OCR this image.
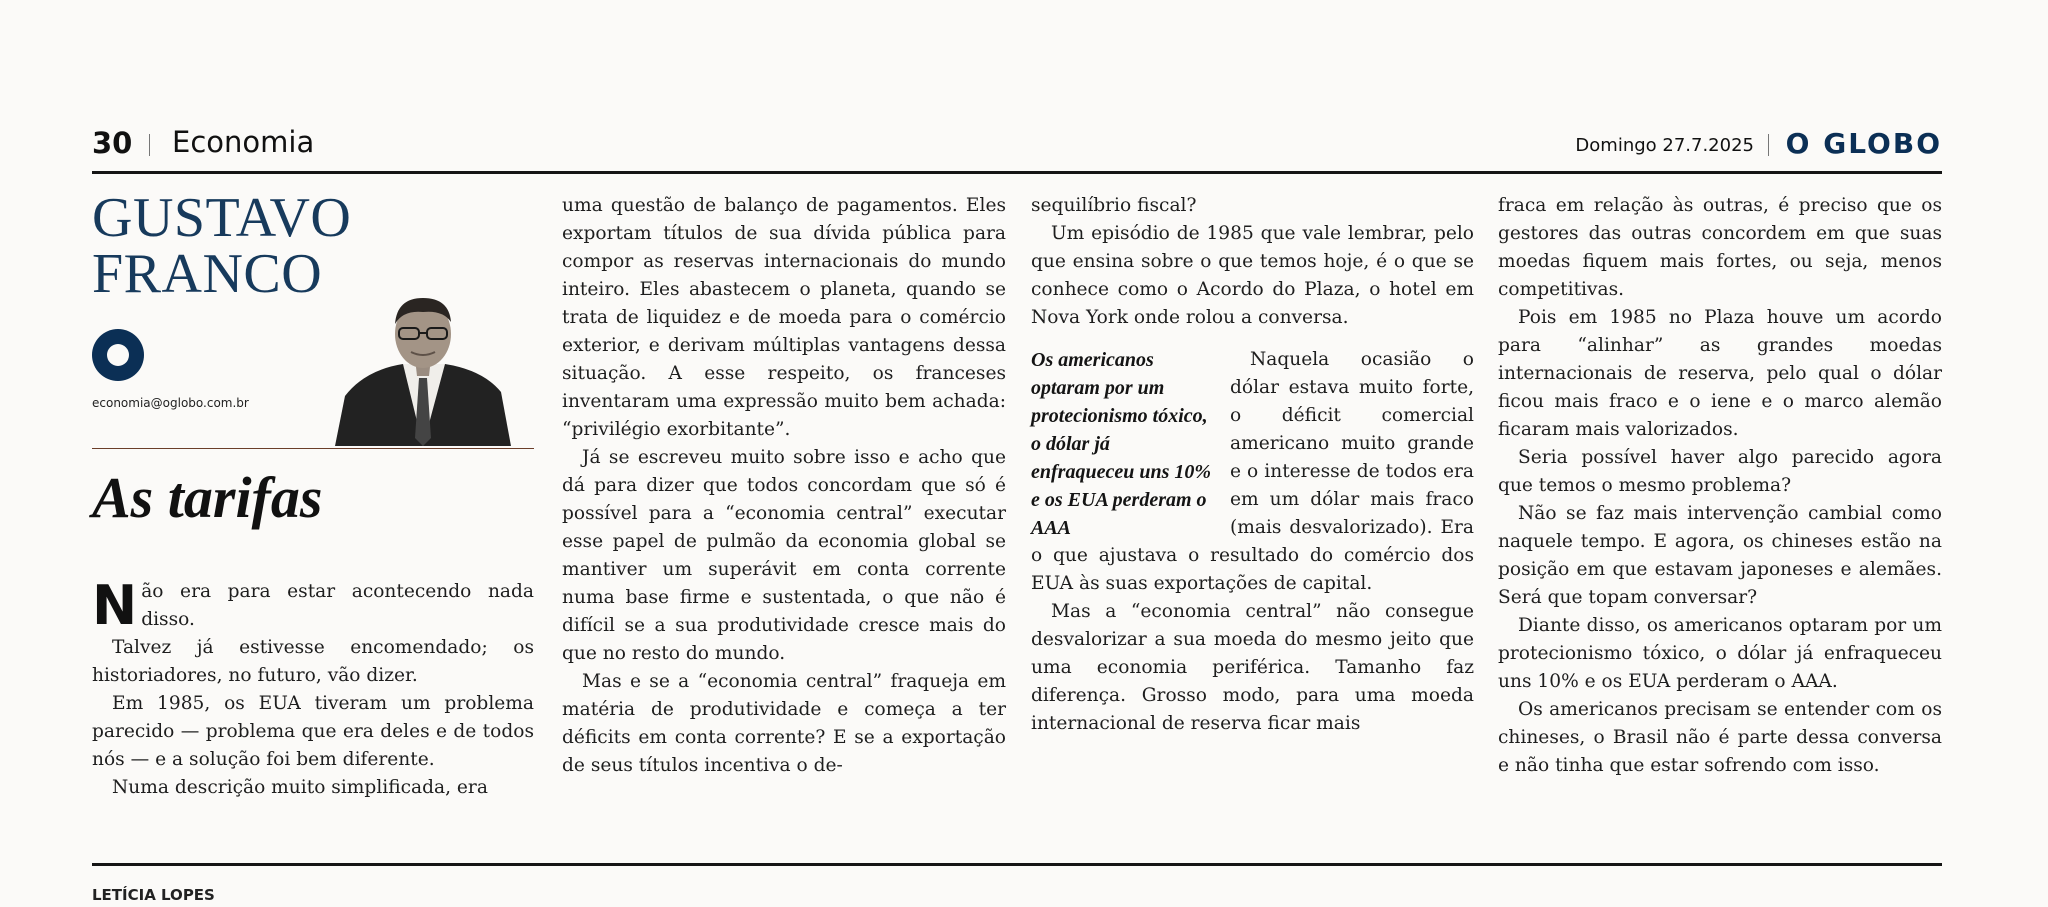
30 Economia	Domingo 27.7.2025 O GLOBO
GUSTAVO
FRANCO
economia@oglobo.com.br
As tarifas

N ão era para estar acontecendo nada disso.

Talvez já estivesse encomendado; os historiadores, no futuro, vão dizer.

Em 1985, os EUA tiveram um problema parecido — problema que era deles e de todos nós — e a solução foi bem diferente.

Numa descrição muito simplificada, era

uma questão de balanço de pagamentos. Eles exportam títulos de sua dívida pública para compor as reservas internacionais do mundo inteiro. Eles abastecem o planeta, quando se trata de liquidez e de moeda para o comércio exterior, e derivam múltiplas vantagens dessa situação. A esse respeito, os franceses inventaram uma expressão muito bem achada: “privilégio exorbitante”.

Já se escreveu muito sobre isso e acho que dá para dizer que todos concordam que só é possível para a “economia central” executar esse papel de pulmão da economia global se mantiver um superávit em conta corrente numa base firme e sustentada, o que não é difícil se a sua produtividade cresce mais do que no resto do mundo.

Mas e se a “economia central” fraqueja em matéria de produtividade e começa a ter déficits em conta corrente? E se a exportação de seus títulos incentiva o de-

sequilíbrio fiscal?

Um episódio de 1985 que vale lembrar, pelo que ensina sobre o que temos hoje, é o que se conhece como o Acordo do Plaza, o hotel em Nova York onde rolou a conversa.

Os americanos optaram por um protecionismo tóxico, o dólar já enfraqueceu uns 10% e os EUA perderam o AAA

Naquela ocasião o dólar estava muito forte, o déficit comercial americano muito grande e o interesse de todos era em um dólar mais fraco (mais desvalorizado). Era o que ajustava o resultado do comércio dos EUA às suas exportações de capital.

Mas a “economia central” não consegue desvalorizar a sua moeda do mesmo jeito que uma economia periférica. Tamanho faz diferença. Grosso modo, para uma moeda internacional de reserva ficar mais

fraca em relação às outras, é preciso que os gestores das outras concordem em que suas moedas fiquem mais fortes, ou seja, menos competitivas.

Pois em 1985 no Plaza houve um acordo para “alinhar” as grandes moedas internacionais de reserva, pelo qual o dólar ficou mais fraco e o iene e o marco alemão ficaram mais valorizados.

Seria possível haver algo parecido agora que temos o mesmo problema?

Não se faz mais intervenção cambial como naquele tempo. E agora, os chineses estão na posição em que estavam japoneses e alemães. Será que topam conversar?

Diante disso, os americanos optaram por um protecionismo tóxico, o dólar já enfraqueceu uns 10% e os EUA perderam o AAA.

Os americanos precisam se entender com os chineses, o Brasil não é parte dessa conversa e não tinha que estar sofrendo com isso.

LETÍCIA LOPES
